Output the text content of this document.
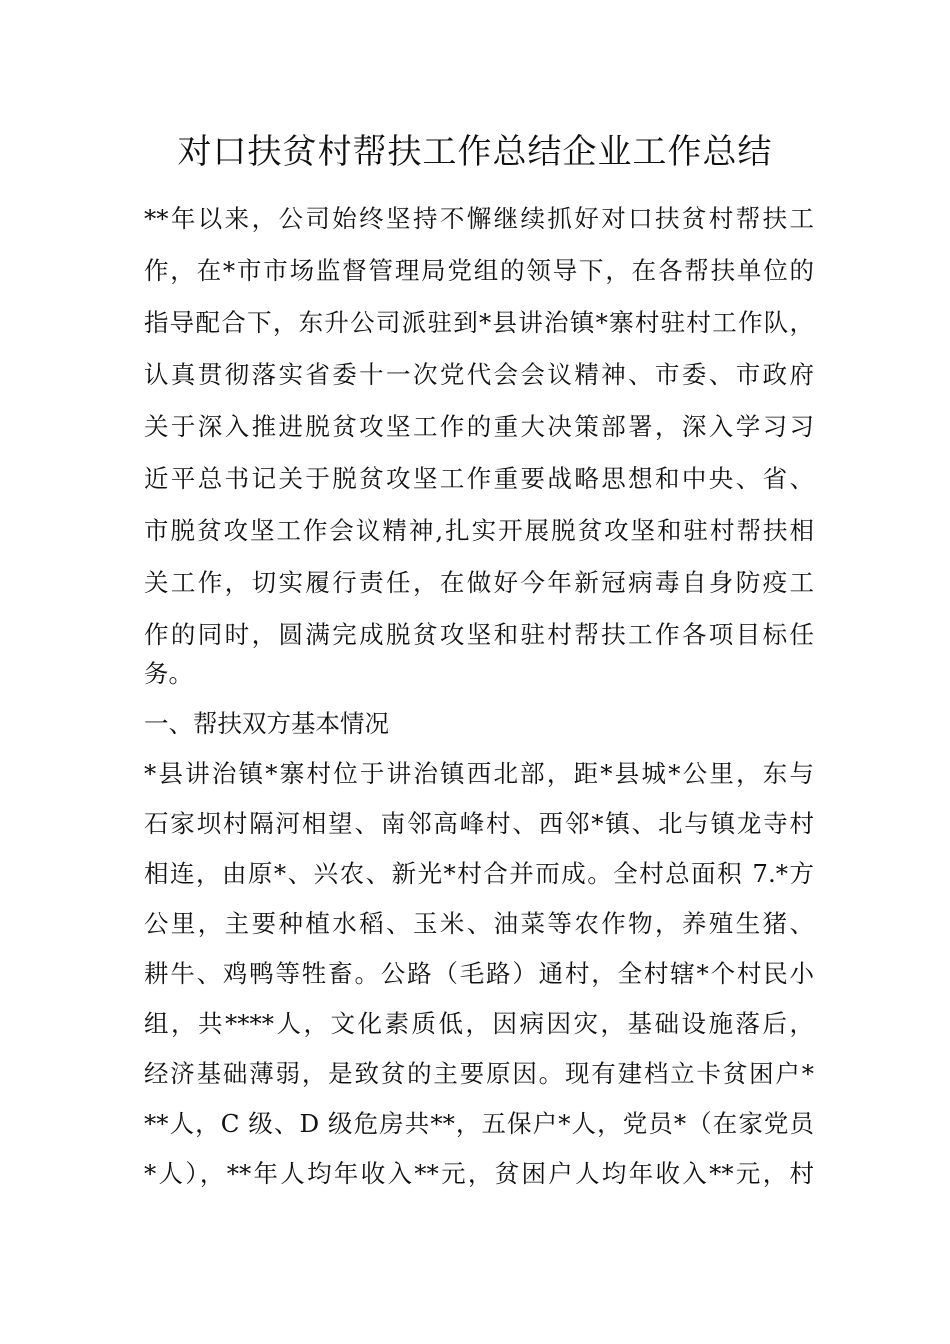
对口扶贫村帮扶工作总结企业工作总结
**年以来，公司始终坚持不懈继续抓好对口扶贫村帮扶工
作，在*市市场监督管理局党组的领导下，在各帮扶单位的
指导配合下，东升公司派驻到*县讲治镇*寨村驻村工作队，
认真贯彻落实省委十一次党代会会议精神、市委、市政府
关于深入推进脱贫攻坚工作的重大决策部署，深入学习习
近平总书记关于脱贫攻坚工作重要战略思想和中央、省、
市脱贫攻坚工作会议精神,扎实开展脱贫攻坚和驻村帮扶相
关工作，切实履行责任，在做好今年新冠病毒自身防疫工
作的同时，圆满完成脱贫攻坚和驻村帮扶工作各项目标任
务。
一、帮扶双方基本情况
*县讲治镇*寨村位于讲治镇西北部，距*县城*公里，东与
石家坝村隔河相望、南邻高峰村、西邻*镇、北与镇龙寺村
相连，由原*、兴农、新光*村合并而成。全村总面积 7.*方
公里，主要种植水稻、玉米、油菜等农作物，养殖生猪、
耕牛、鸡鸭等牲畜。公路（毛路）通村，全村辖*个村民小
组，共****人，文化素质低，因病因灾，基础设施落后，
经济基础薄弱，是致贫的主要原因。现有建档立卡贫困户*
**人，C 级、D 级危房共**，五保户*人，党员*（在家党员
*人），**年人均年收入**元，贫困户人均年收入**元，村
